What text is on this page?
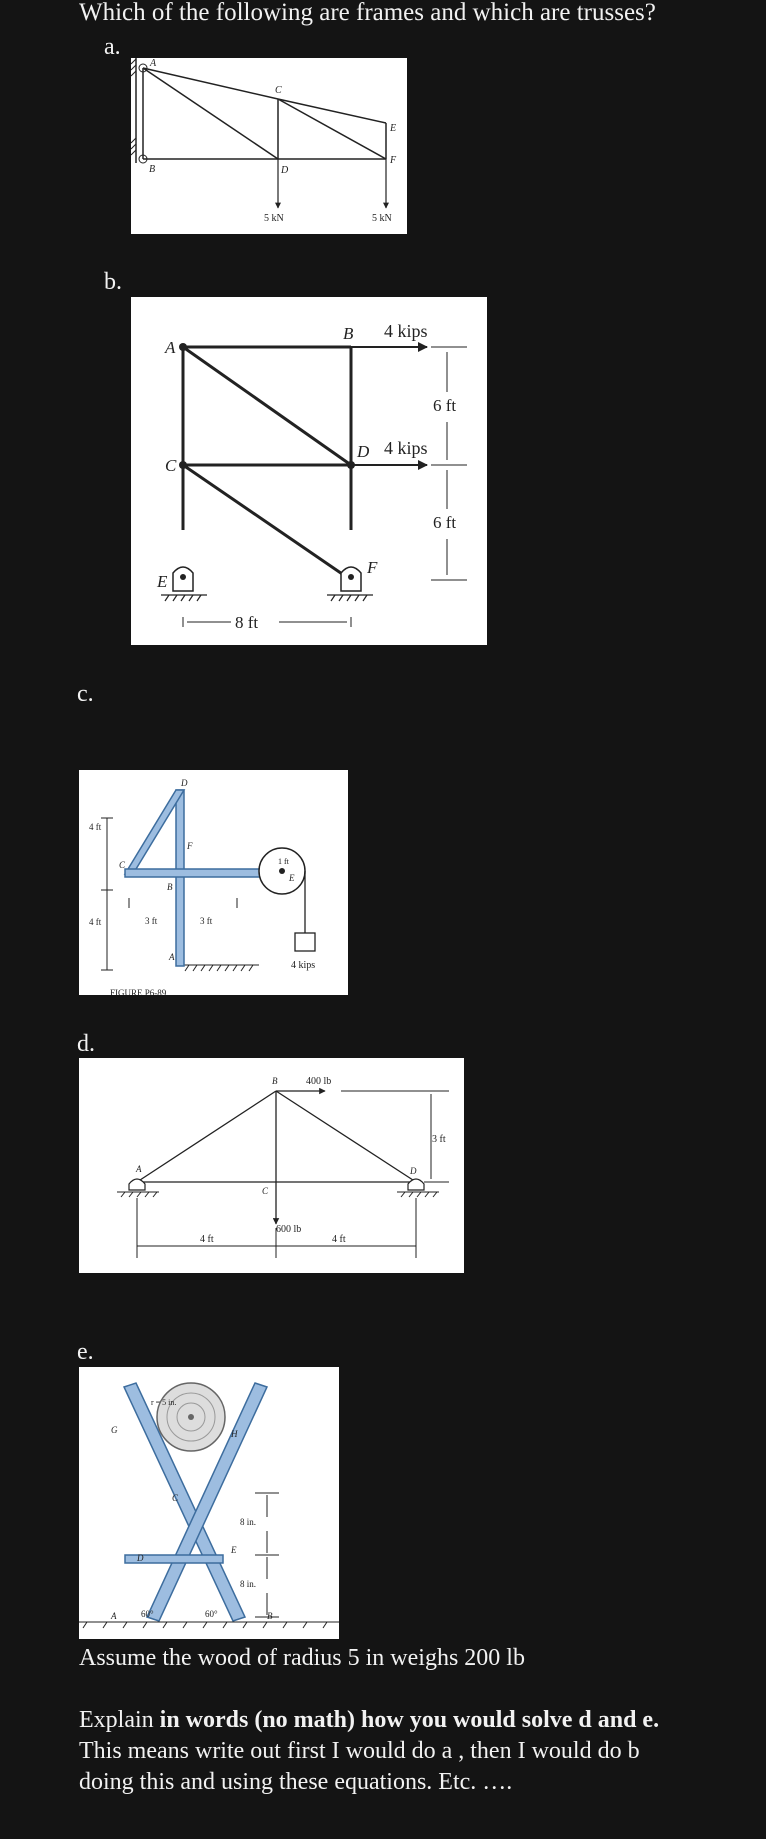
Which of the following are frames and which are trusses?
a.
A
B
C
D
E
F
5 kN	5 kN
b.
A
B
C
D
E
F
4 kips
4 kips
6 ft
6 ft
8 ft
c.
D
F
C
B
A
E
4 ft
4 ft	3 ft	3 ft
1 ft
4 kips
FIGURE P6-89
d.
A
B
C
D
400 lb
600 lb
3 ft
4 ft	4 ft
e.
r = 5 in.
60°	60°
8 in.
8 in.
G	H
C
D
E
A	B
Assume the wood of radius 5 in weighs 200 lb
Explain in words (no math) how you would solve d and e.
This means write out first I would do a , then I would do b
doing this and using these equations. Etc. ….
